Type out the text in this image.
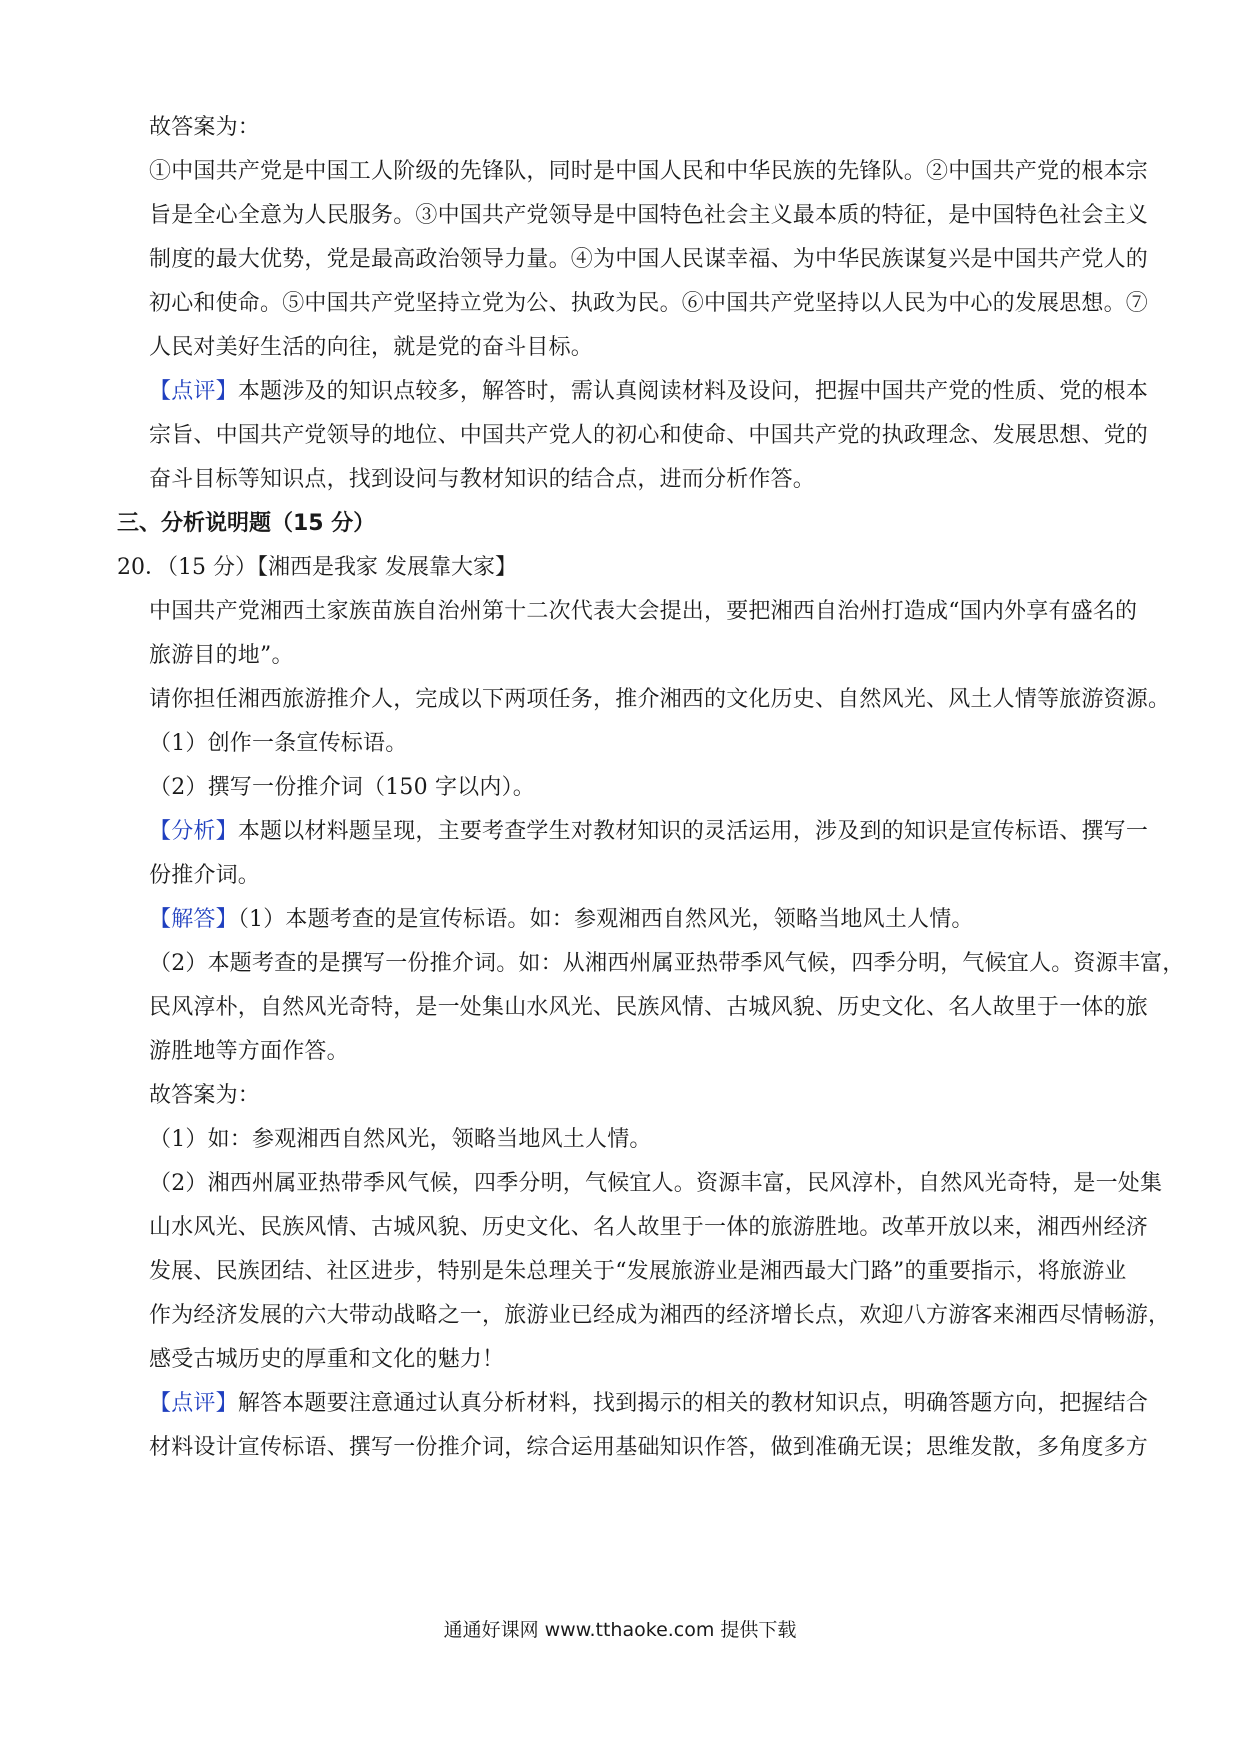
故答案为：
①中国共产党是中国工人阶级的先锋队，同时是中国人民和中华民族的先锋队。②中国共产党的根本宗
旨是全心全意为人民服务。③中国共产党领导是中国特色社会主义最本质的特征，是中国特色社会主义
制度的最大优势，党是最高政治领导力量。④为中国人民谋幸福、为中华民族谋复兴是中国共产党人的
初心和使命。⑤中国共产党坚持立党为公、执政为民。⑥中国共产党坚持以人民为中心的发展思想。⑦
人民对美好生活的向往，就是党的奋斗目标。
【点评】本题涉及的知识点较多，解答时，需认真阅读材料及设问，把握中国共产党的性质、党的根本
宗旨、中国共产党领导的地位、中国共产党人的初心和使命、中国共产党的执政理念、发展思想、党的
奋斗目标等知识点，找到设问与教材知识的结合点，进而分析作答。
三、分析说明题（15 分）
20．（15 分）【湘西是我家 发展靠大家】
中国共产党湘西土家族苗族自治州第十二次代表大会提出，要把湘西自治州打造成“国内外享有盛名的
旅游目的地”。
请你担任湘西旅游推介人，完成以下两项任务，推介湘西的文化历史、自然风光、风土人情等旅游资源。
（1）创作一条宣传标语。
（2）撰写一份推介词（150 字以内）。
【分析】本题以材料题呈现，主要考查学生对教材知识的灵活运用，涉及到的知识是宣传标语、撰写一
份推介词。
【解答】（1）本题考查的是宣传标语。如：参观湘西自然风光，领略当地风土人情。
（2）本题考查的是撰写一份推介词。如：从湘西州属亚热带季风气候，四季分明，气候宜人。资源丰富，
民风淳朴，自然风光奇特，是一处集山水风光、民族风情、古城风貌、历史文化、名人故里于一体的旅
游胜地等方面作答。
故答案为：
（1）如：参观湘西自然风光，领略当地风土人情。
（2）湘西州属亚热带季风气候，四季分明，气候宜人。资源丰富，民风淳朴，自然风光奇特，是一处集
山水风光、民族风情、古城风貌、历史文化、名人故里于一体的旅游胜地。改革开放以来，湘西州经济
发展、民族团结、社区进步，特别是朱总理关于“发展旅游业是湘西最大门路”的重要指示，将旅游业
作为经济发展的六大带动战略之一，旅游业已经成为湘西的经济增长点，欢迎八方游客来湘西尽情畅游，
感受古城历史的厚重和文化的魅力！
【点评】解答本题要注意通过认真分析材料，找到揭示的相关的教材知识点，明确答题方向，把握结合
材料设计宣传标语、撰写一份推介词，综合运用基础知识作答，做到准确无误；思维发散，多角度多方
通通好课网 www.tthaoke.com 提供下载
